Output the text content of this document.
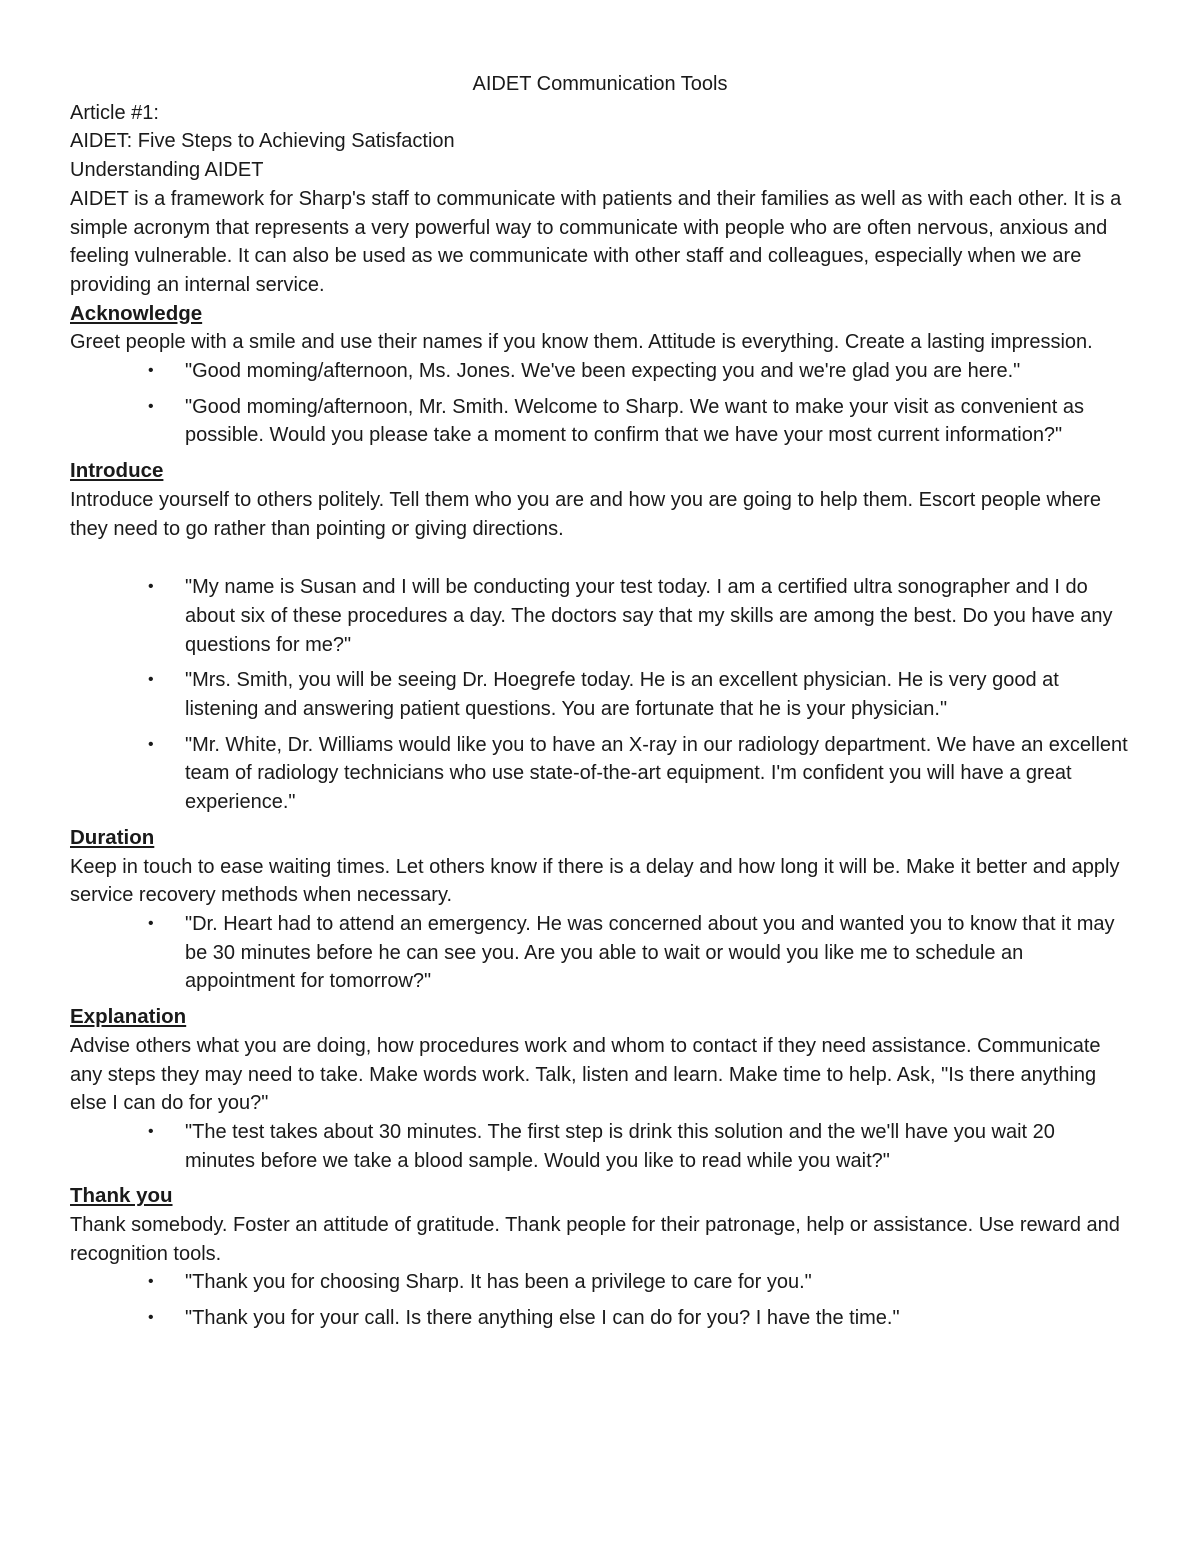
AIDET Communication Tools

Article #1:

AIDET: Five Steps to Achieving Satisfaction

Understanding AIDET

AIDET is a framework for Sharp's staff to communicate with patients and their families as well as with each other. It is a simple acronym that represents a very powerful way to communicate with people who are often nervous, anxious and feeling vulnerable. It can also be used as we communicate with other staff and colleagues, especially when we are providing an internal service.

Acknowledge

Greet people with a smile and use their names if you know them. Attitude is everything. Create a lasting impression.

• "Good moming/afternoon, Ms. Jones. We've been expecting you and we're glad you are here."
• "Good moming/afternoon, Mr. Smith. Welcome to Sharp. We want to make your visit as convenient as possible. Would you please take a moment to confirm that we have your most current information?"

Introduce

Introduce yourself to others politely. Tell them who you are and how you are going to help them. Escort people where they need to go rather than pointing or giving directions.

• "My name is Susan and I will be conducting your test today. I am a certified ultra sonographer and I do about six of these procedures a day. The doctors say that my skills are among the best. Do you have any questions for me?"
• "Mrs. Smith, you will be seeing Dr. Hoegrefe today. He is an excellent physician. He is very good at listening and answering patient questions. You are fortunate that he is your physician."
• "Mr. White, Dr. Williams would like you to have an X-ray in our radiology department. We have an excellent team of radiology technicians who use state-of-the-art equipment. I'm confident you will have a great experience."

Duration

Keep in touch to ease waiting times. Let others know if there is a delay and how long it will be. Make it better and apply service recovery methods when necessary.

• "Dr. Heart had to attend an emergency. He was concerned about you and wanted you to know that it may be 30 minutes before he can see you. Are you able to wait or would you like me to schedule an appointment for tomorrow?"

Explanation

Advise others what you are doing, how procedures work and whom to contact if they need assistance. Communicate any steps they may need to take. Make words work. Talk, listen and learn. Make time to help. Ask, "Is there anything else I can do for you?"

• "The test takes about 30 minutes. The first step is drink this solution and the we'll have you wait 20 minutes before we take a blood sample. Would you like to read while you wait?"

Thank you

Thank somebody. Foster an attitude of gratitude. Thank people for their patronage, help or assistance. Use reward and recognition tools.

• "Thank you for choosing Sharp. It has been a privilege to care for you."
• "Thank you for your call. Is there anything else I can do for you? I have the time."
